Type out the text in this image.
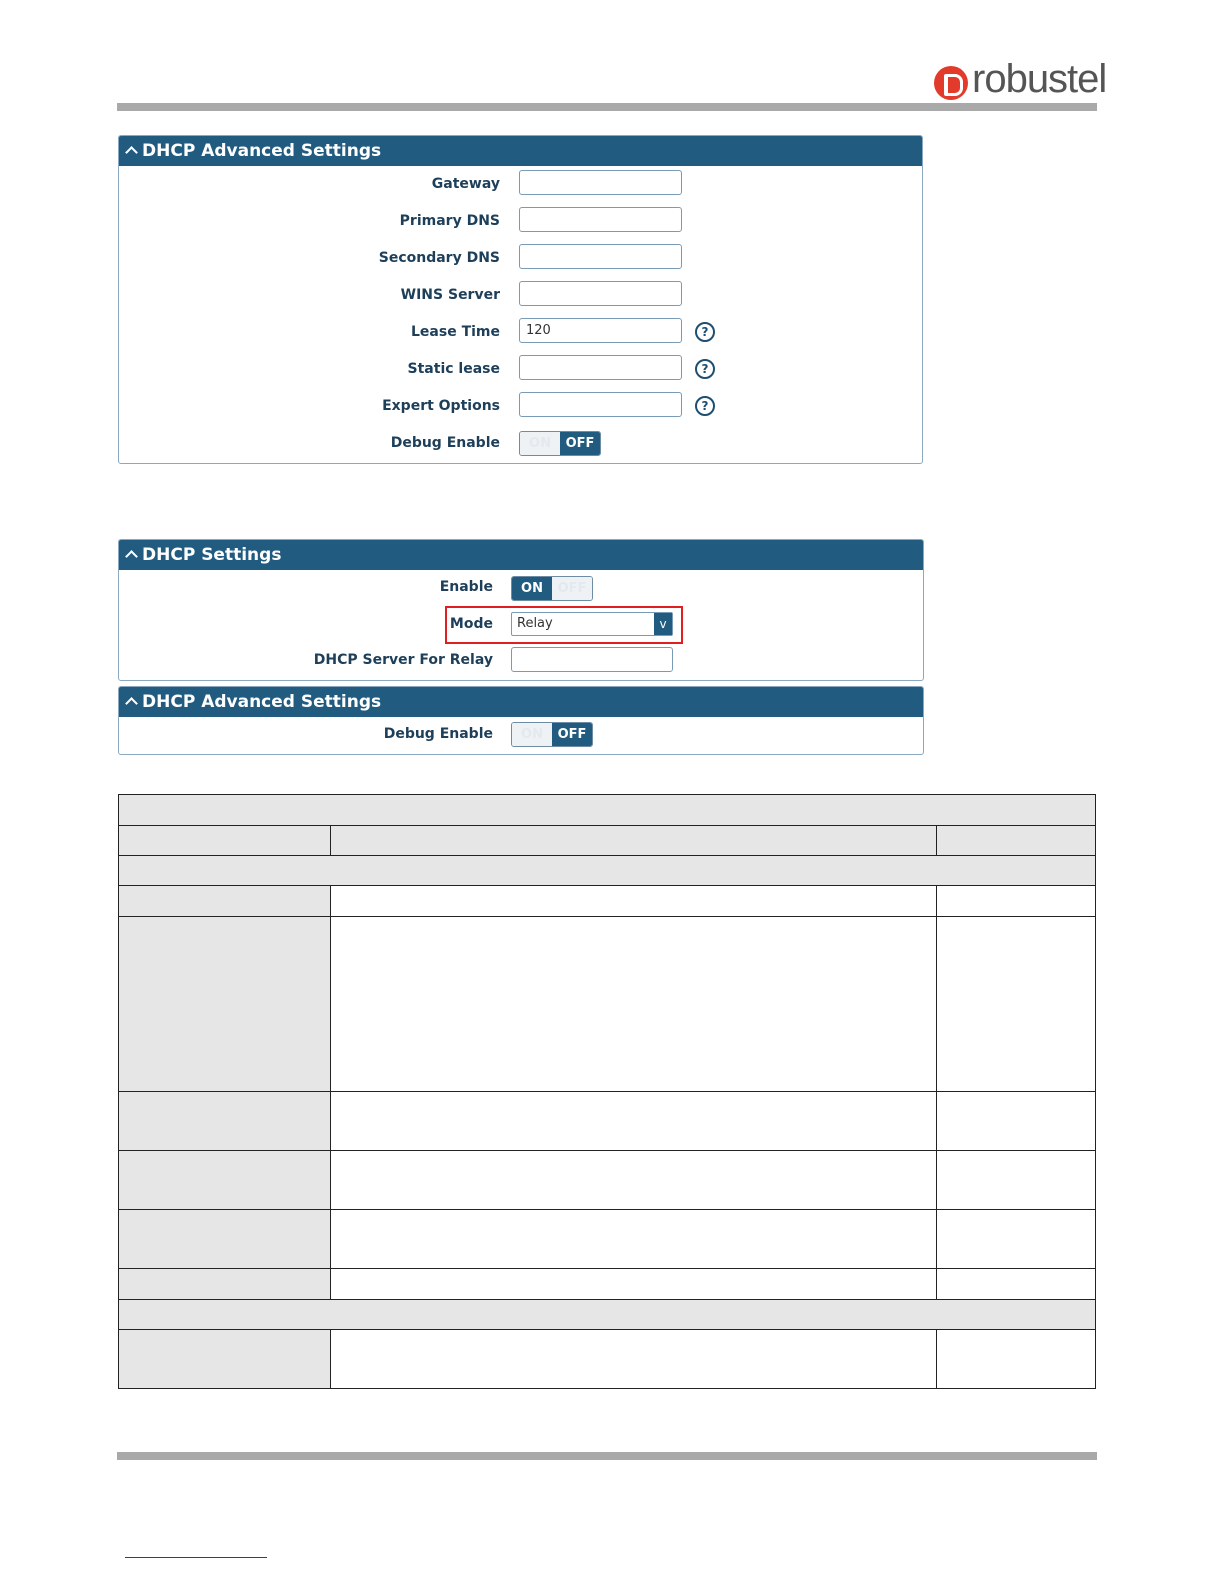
robustel
DHCP Advanced Settings
Gateway
Primary DNS
Secondary DNS
WINS Server
Lease Time	120	?
Static lease	?
Expert Options	?
Debug Enable	ON	OFF
DHCP Settings
Enable	ON	OFF
Mode Relay	v
DHCP Server For Relay
DHCP Advanced Settings
Debug Enable	ON	OFF
